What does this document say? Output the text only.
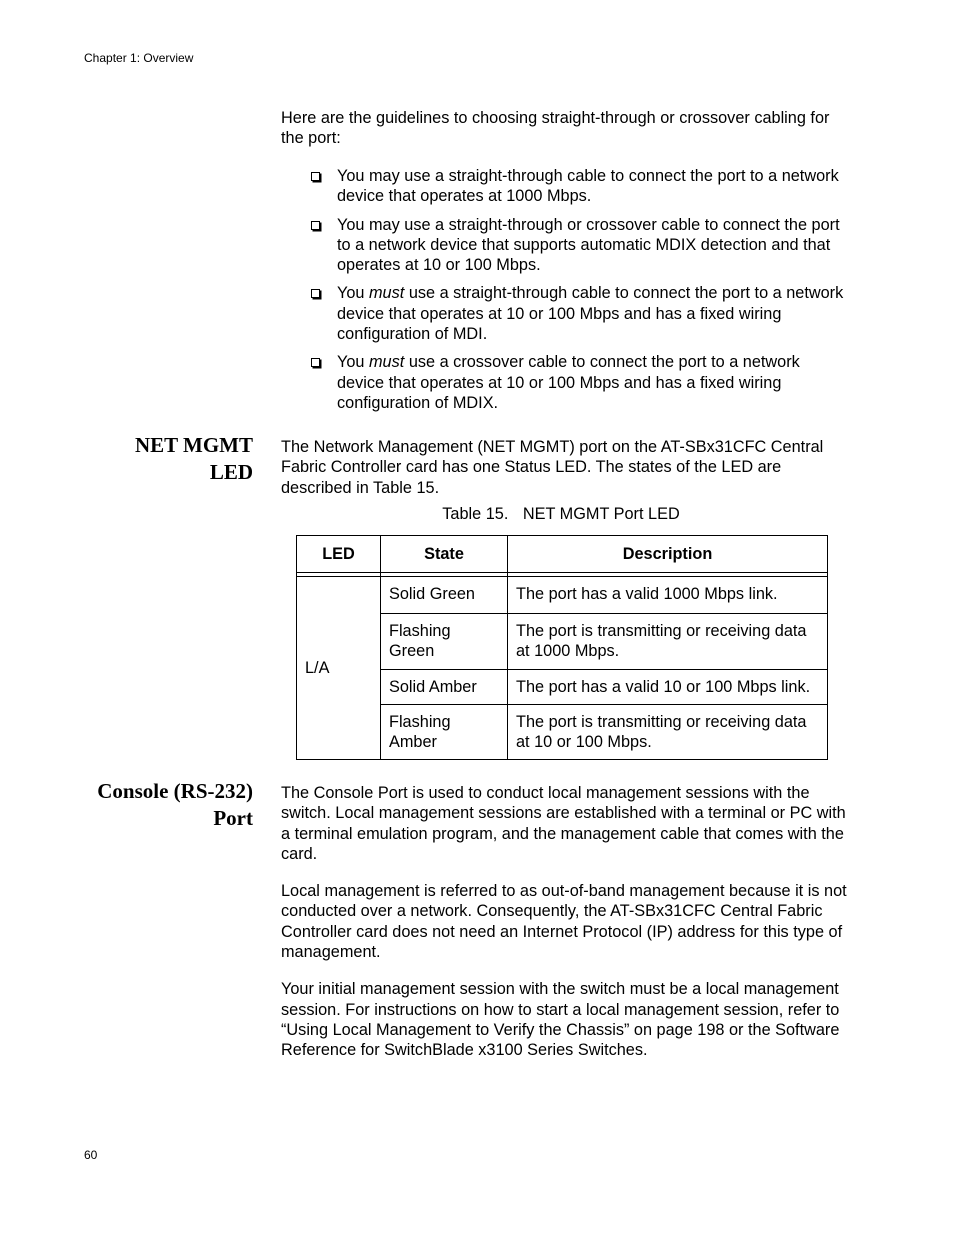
Chapter 1: Overview

Here are the guidelines to choosing straight-through or crossover cabling for the port:

You may use a straight-through cable to connect the port to a network device that operates at 1000 Mbps.
You may use a straight-through or crossover cable to connect the port to a network device that supports automatic MDIX detection and that operates at 10 or 100 Mbps.
You must use a straight-through cable to connect the port to a network device that operates at 10 or 100 Mbps and has a fixed wiring configuration of MDI.
You must use a crossover cable to connect the port to a network device that operates at 10 or 100 Mbps and has a fixed wiring configuration of MDIX.
NET MGMT
LED

The Network Management (NET MGMT) port on the AT-SBx31CFC Central Fabric Controller card has one Status LED. The states of the LED are described in Table 15.

Table 15. NET MGMT Port LED
LED	State	Description

L/A	Solid Green	The port has a valid 1000 Mbps link.
	Flashing Green	The port is transmitting or receiving data at 1000 Mbps.
	Solid Amber	The port has a valid 10 or 100 Mbps link.
	Flashing Amber	The port is transmitting or receiving data at 10 or 100 Mbps.
Console (RS-232)
Port

The Console Port is used to conduct local management sessions with the switch. Local management sessions are established with a terminal or PC with a terminal emulation program, and the management cable that comes with the card.

Local management is referred to as out-of-band management because it is not conducted over a network. Consequently, the AT-SBx31CFC Central Fabric Controller card does not need an Internet Protocol (IP) address for this type of management.

Your initial management session with the switch must be a local management session. For instructions on how to start a local management session, refer to “Using Local Management to Verify the Chassis” on page 198 or the Software Reference for SwitchBlade x3100 Series Switches.

60
